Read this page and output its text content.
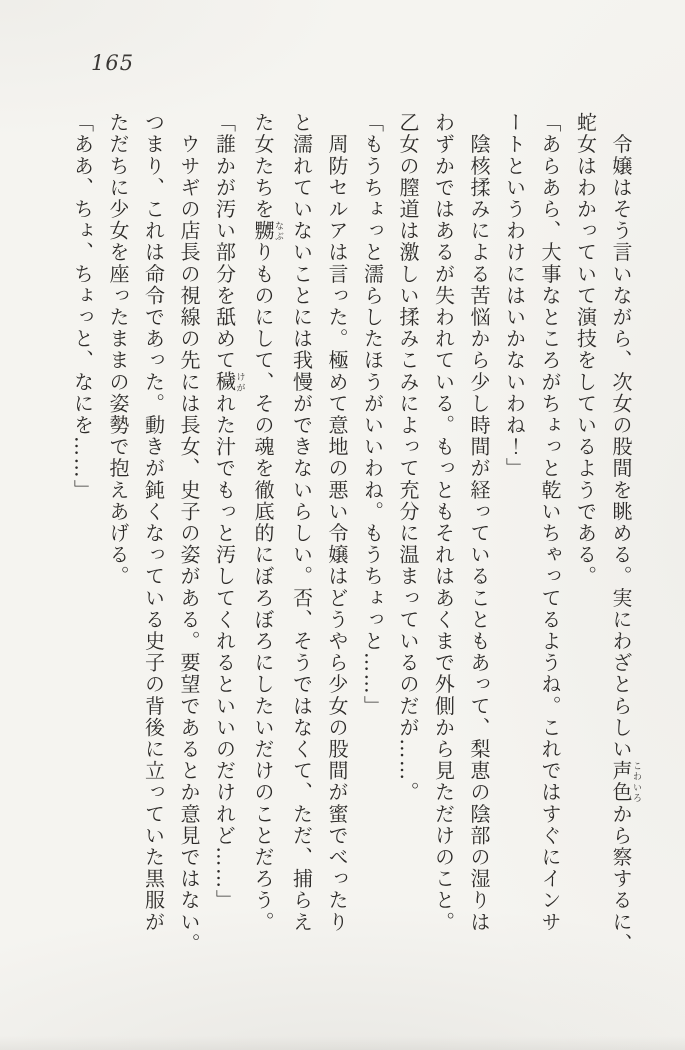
165

　令嬢はそう言いながら、次女の股間を眺める。実にわざとらしい声色こわいろから察するに、

蛇女はわかっていて演技をしているようである。

「あらあら、大事なところがちょっと乾いちゃってるようね。これではすぐにインサ

ートというわけにはいかないわね！」

　陰核揉みによる苦悩から少し時間が経っていることもあって、梨恵の陰部の湿りは

わずかではあるが失われている。もっともそれはあくまで外側から見ただけのこと。

乙女の膣道は激しい揉みこみによって充分に温まっているのだが……。

「もうちょっと濡らしたほうがいいわね。もうちょっと……」

　周防セルアは言った。極めて意地の悪い令嬢はどうやら少女の股間が蜜でべったり

と濡れていないことには我慢ができないらしい。否、そうではなくて、ただ、捕らえ

た女たちを嬲なぶりものにして、その魂を徹底的にぼろぼろにしたいだけのことだろう。

「誰かが汚い部分を舐めて穢けがれた汁でもっと汚してくれるといいのだけれど……」

　ウサギの店長の視線の先には長女、史子の姿がある。要望であるとか意見ではない。

つまり、これは命令であった。動きが鈍くなっている史子の背後に立っていた黒服が

ただちに少女を座ったままの姿勢で抱えあげる。

「ああ、ちょ、ちょっと、なにを……」
